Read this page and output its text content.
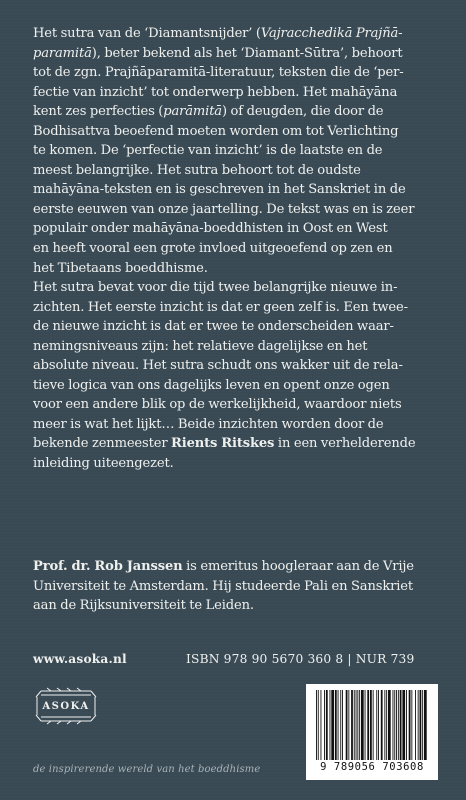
Het sutra van de ‘Diamantsnijder’ (Vajracchedikā Prajñā-
paramitā), beter bekend als het ‘Diamant-Sūtra’, behoort
tot de zgn. Prajñāparamitā-literatuur, teksten die de ‘per-
fectie van inzicht’ tot onderwerp hebben. Het mahāyāna
kent zes perfecties (parāmitā) of deugden, die door de
Bodhisattva beoefend moeten worden om tot Verlichting
te komen. De ‘perfectie van inzicht’ is de laatste en de
meest belangrijke. Het sutra behoort tot de oudste
mahāyāna-teksten en is geschreven in het Sanskriet in de
eerste eeuwen van onze jaartelling. De tekst was en is zeer
populair onder mahāyāna-boeddhisten in Oost en West
en heeft vooral een grote invloed uitgeoefend op zen en
het Tibetaans boeddhisme.
Het sutra bevat voor die tijd twee belangrijke nieuwe in-
zichten. Het eerste inzicht is dat er geen zelf is. Een twee-
de nieuwe inzicht is dat er twee te onderscheiden waar-
nemingsniveaus zijn: het relatieve dagelijkse en het
absolute niveau. Het sutra schudt ons wakker uit de rela-
tieve logica van ons dagelijks leven en opent onze ogen
voor een andere blik op de werkelijkheid, waardoor niets
meer is wat het lijkt… Beide inzichten worden door de
bekende zenmeester Rients Ritskes in een verhelderende
inleiding uiteengezet.
Prof. dr. Rob Janssen is emeritus hoogleraar aan de Vrije
Universiteit te Amsterdam. Hij studeerde Pali en Sanskriet
aan de Rijksuniversiteit te Leiden.
www.asoka.nl	ISBN 978 90 5670 360 8 | NUR 739
ASOKA
9 789056 703608
de inspirerende wereld van het boeddhisme
